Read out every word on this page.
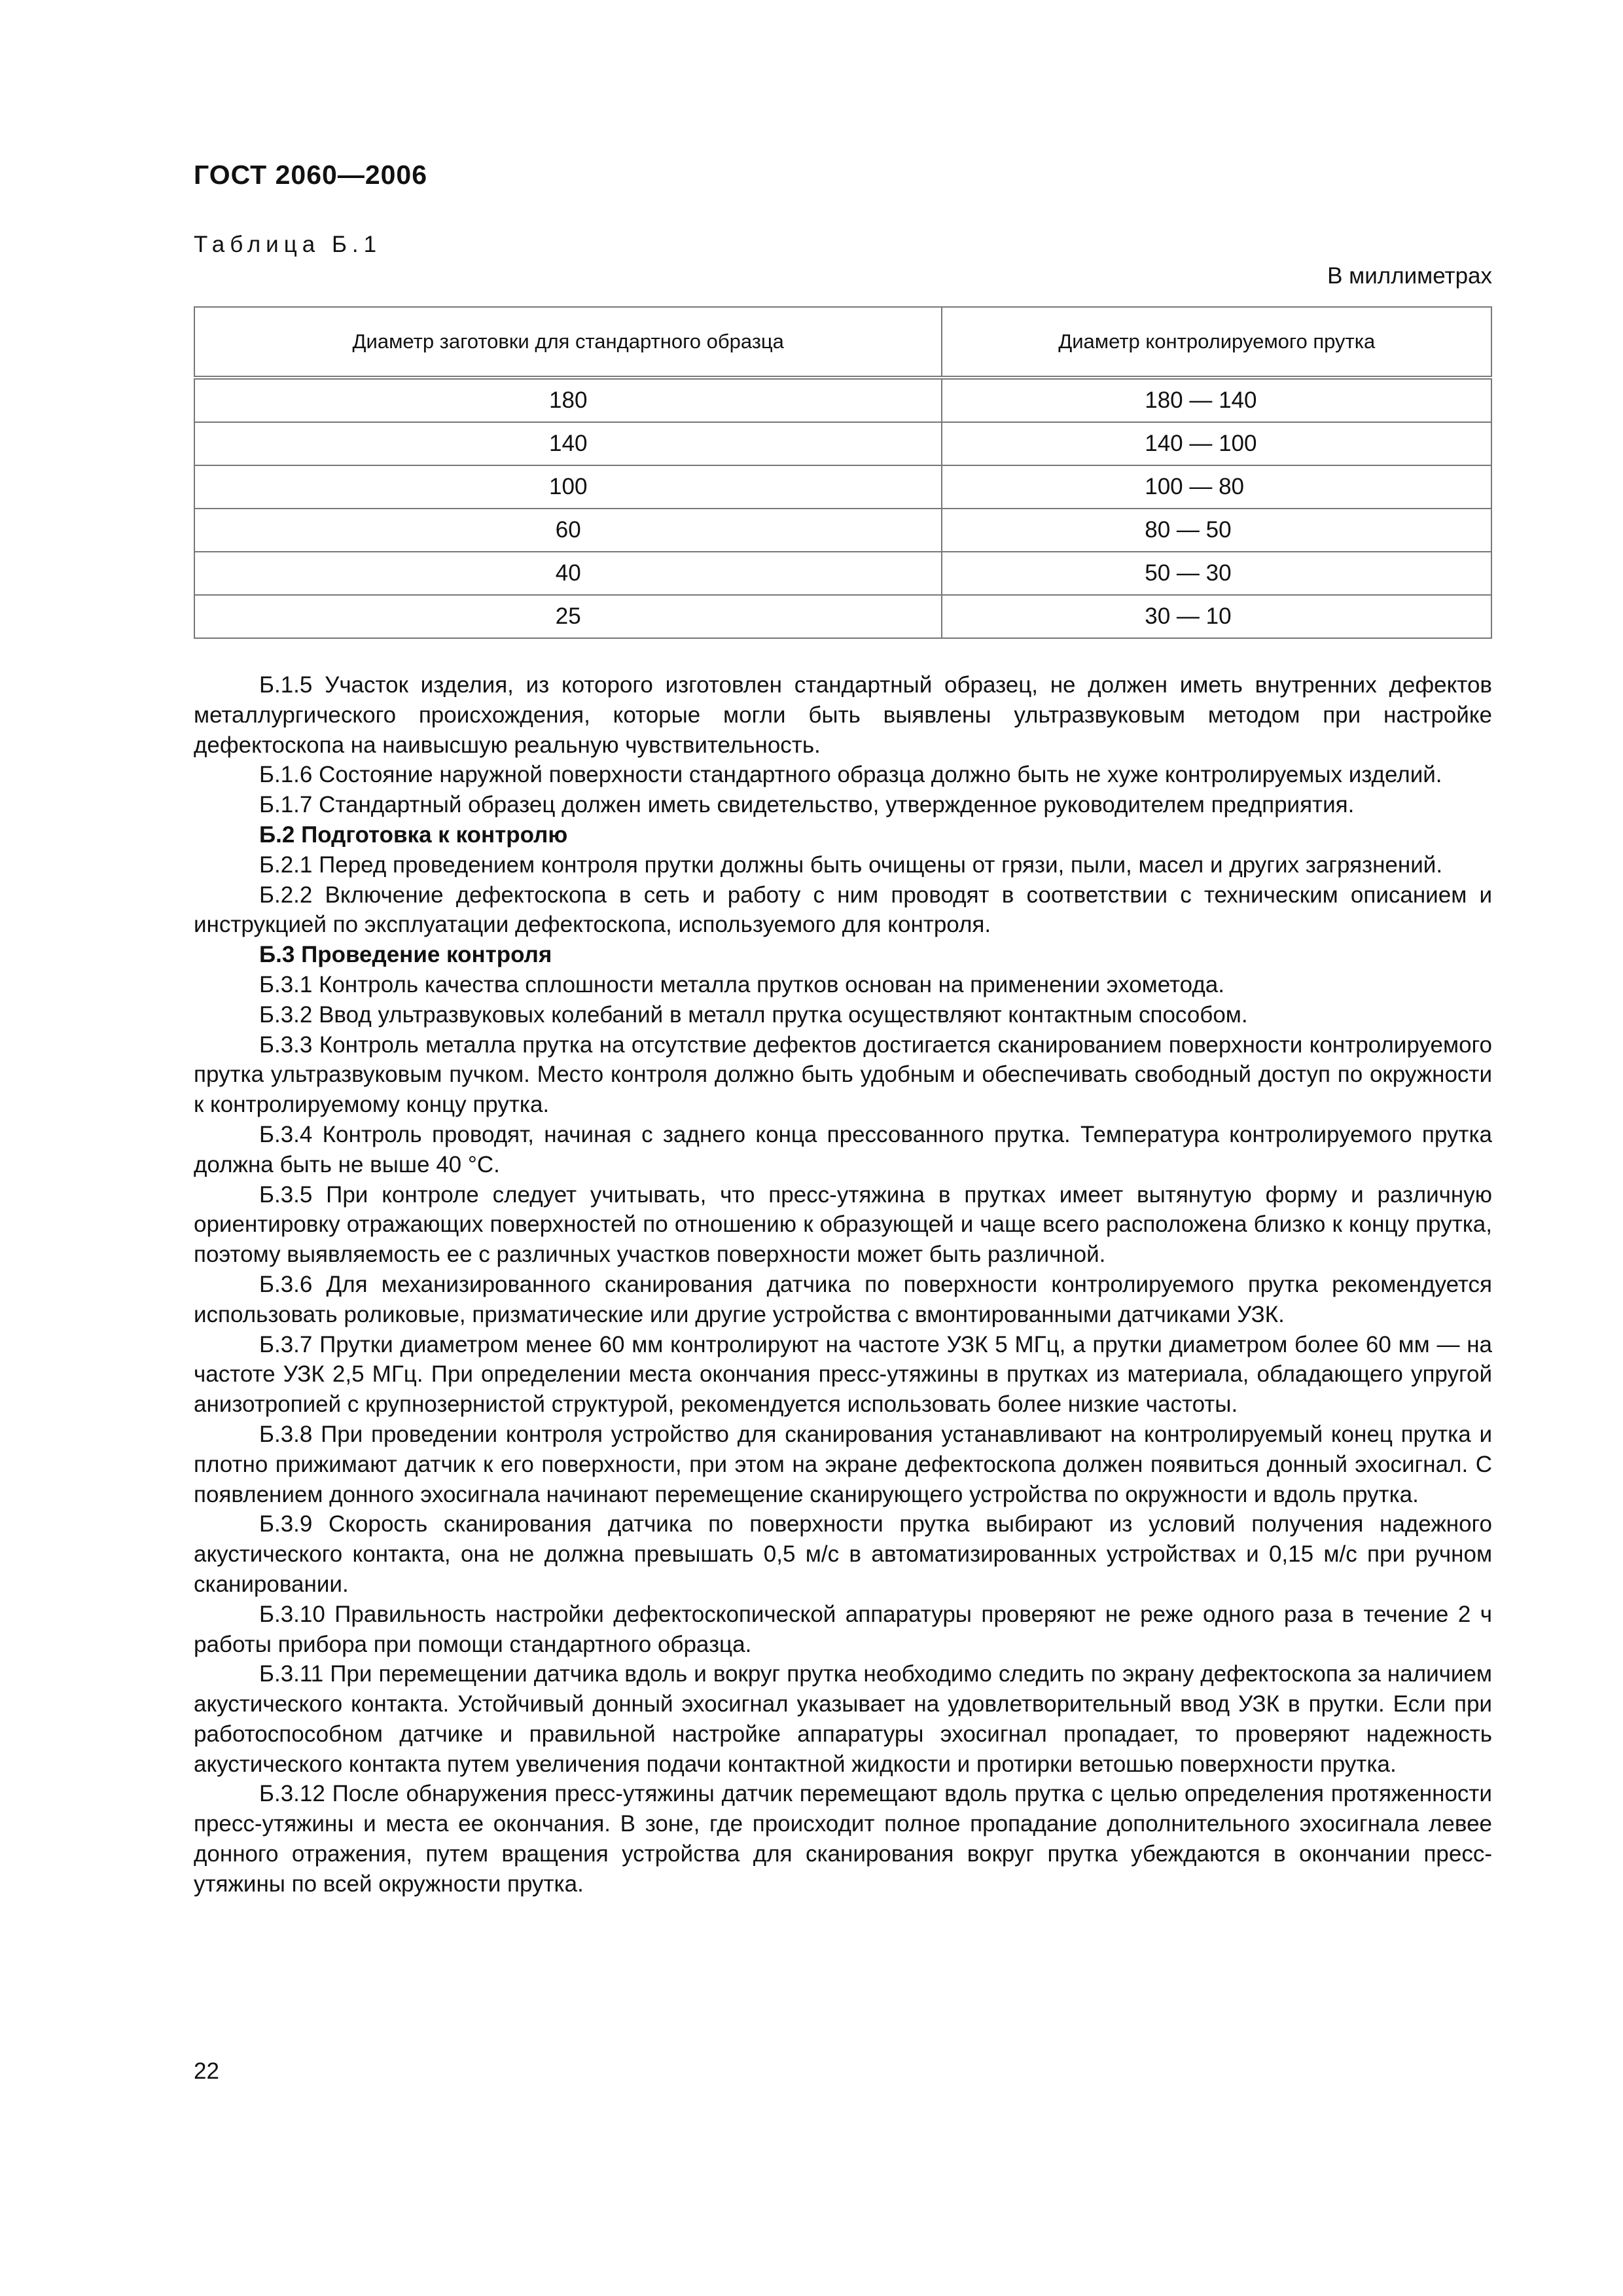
ГОСТ 2060—2006
Таблица Б.1
В миллиметрах
Диаметр заготовки для стандартного образца	Диаметр контролируемого прутка
180	180 — 140
140	140 — 100
100	100 — 80
60	80 — 50
40	50 — 30
25	30 — 10

Б.1.5 Участок изделия, из которого изготовлен стандартный образец, не должен иметь внутренних дефектов металлургического происхождения, которые могли быть выявлены ультразвуковым методом при настройке дефектоскопа на наивысшую реальную чувствительность.

Б.1.6 Состояние наружной поверхности стандартного образца должно быть не хуже контролируемых изделий.

Б.1.7 Стандартный образец должен иметь свидетельство, утвержденное руководителем предприятия.

Б.2 Подготовка к контролю

Б.2.1 Перед проведением контроля прутки должны быть очищены от грязи, пыли, масел и других загрязнений.

Б.2.2 Включение дефектоскопа в сеть и работу с ним проводят в соответствии с техническим описанием и инструкцией по эксплуатации дефектоскопа, используемого для контроля.

Б.3 Проведение контроля

Б.3.1 Контроль качества сплошности металла прутков основан на применении эхометода.

Б.3.2 Ввод ультразвуковых колебаний в металл прутка осуществляют контактным способом.

Б.3.3 Контроль металла прутка на отсутствие дефектов достигается сканированием поверхности контролируемого прутка ультразвуковым пучком. Место контроля должно быть удобным и обеспечивать свободный доступ по окружности к контролируемому концу прутка.

Б.3.4 Контроль проводят, начиная с заднего конца прессованного прутка. Температура контролируемого прутка должна быть не выше 40 °С.

Б.3.5 При контроле следует учитывать, что пресс-утяжина в прутках имеет вытянутую форму и различную ориентировку отражающих поверхностей по отношению к образующей и чаще всего расположена близко к концу прутка, поэтому выявляемость ее с различных участков поверхности может быть различной.

Б.3.6 Для механизированного сканирования датчика по поверхности контролируемого прутка рекомендуется использовать роликовые, призматические или другие устройства с вмонтированными датчиками УЗК.

Б.3.7 Прутки диаметром менее 60 мм контролируют на частоте УЗК 5 МГц, а прутки диаметром более 60 мм — на частоте УЗК 2,5 МГц. При определении места окончания пресс-утяжины в прутках из материала, обладающего упругой анизотропией с крупнозернистой структурой, рекомендуется использовать более низкие частоты.

Б.3.8 При проведении контроля устройство для сканирования устанавливают на контролируемый конец прутка и плотно прижимают датчик к его поверхности, при этом на экране дефектоскопа должен появиться донный эхосигнал. С появлением донного эхосигнала начинают перемещение сканирующего устройства по окружности и вдоль прутка.

Б.3.9 Скорость сканирования датчика по поверхности прутка выбирают из условий получения надежного акустического контакта, она не должна превышать 0,5 м/с в автоматизированных устройствах и 0,15 м/с при ручном сканировании.

Б.3.10 Правильность настройки дефектоскопической аппаратуры проверяют не реже одного раза в течение 2 ч работы прибора при помощи стандартного образца.

Б.3.11 При перемещении датчика вдоль и вокруг прутка необходимо следить по экрану дефектоскопа за наличием акустического контакта. Устойчивый донный эхосигнал указывает на удовлетворительный ввод УЗК в прутки. Если при работоспособном датчике и правильной настройке аппаратуры эхосигнал пропадает, то проверяют надежность акустического контакта путем увеличения подачи контактной жидкости и протирки ветошью поверхности прутка.

Б.3.12 После обнаружения пресс-утяжины датчик перемещают вдоль прутка с целью определения протяженности пресс-утяжины и места ее окончания. В зоне, где происходит полное пропадание дополнительного эхосигнала левее донного отражения, путем вращения устройства для сканирования вокруг прутка убеждаются в окончании пресс-утяжины по всей окружности прутка.

22
